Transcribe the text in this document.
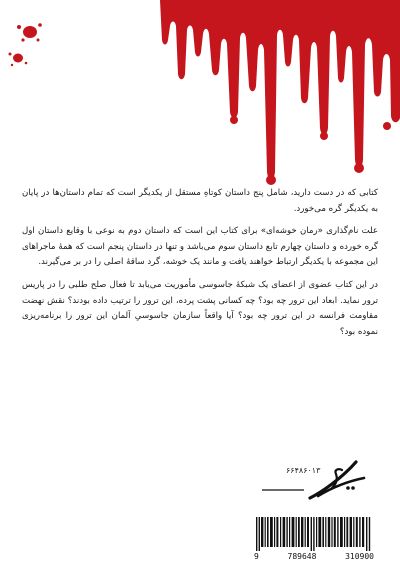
کتابی که در دست دارید، شامل پنج داستان کوتاهِ مستقل از یکدیگر است که تمام داستان‌ها در پایان به یکدیگر گره می‌خورد.

علت نام‌گذاری «رمان خوشه‌ای» برای کتاب این است که داستان دوم به نوعی با وقایع داستان اول گره خورده و داستان چهارم تابع داستان سوم می‌باشد و تنها در داستان پنجم است که همهٔ ماجراهای این مجموعه با یکدیگر ارتباط خواهند یافت و مانند یک خوشه، گرد ساقهٔ اصلی را در بر می‌گیرند.

در این کتاب عضوی از اعضای یک شبکهٔ جاسوسی مأموریت می‌یابد تا فعال صلح طلبی را در پاریس ترور نماید. ابعاد این ترور چه بود؟ چه کسانی پشت پرده، این ترور را ترتیب داده بودند؟ نقش نهضت مقاومت فرانسه در این ترور چه بود؟ آیا واقعاً سازمان جاسوسیِ آلمان این ترور را برنامه‌ریزی نموده بود؟

۶۶۴۸۶۰۱۳
9	789648	310900
